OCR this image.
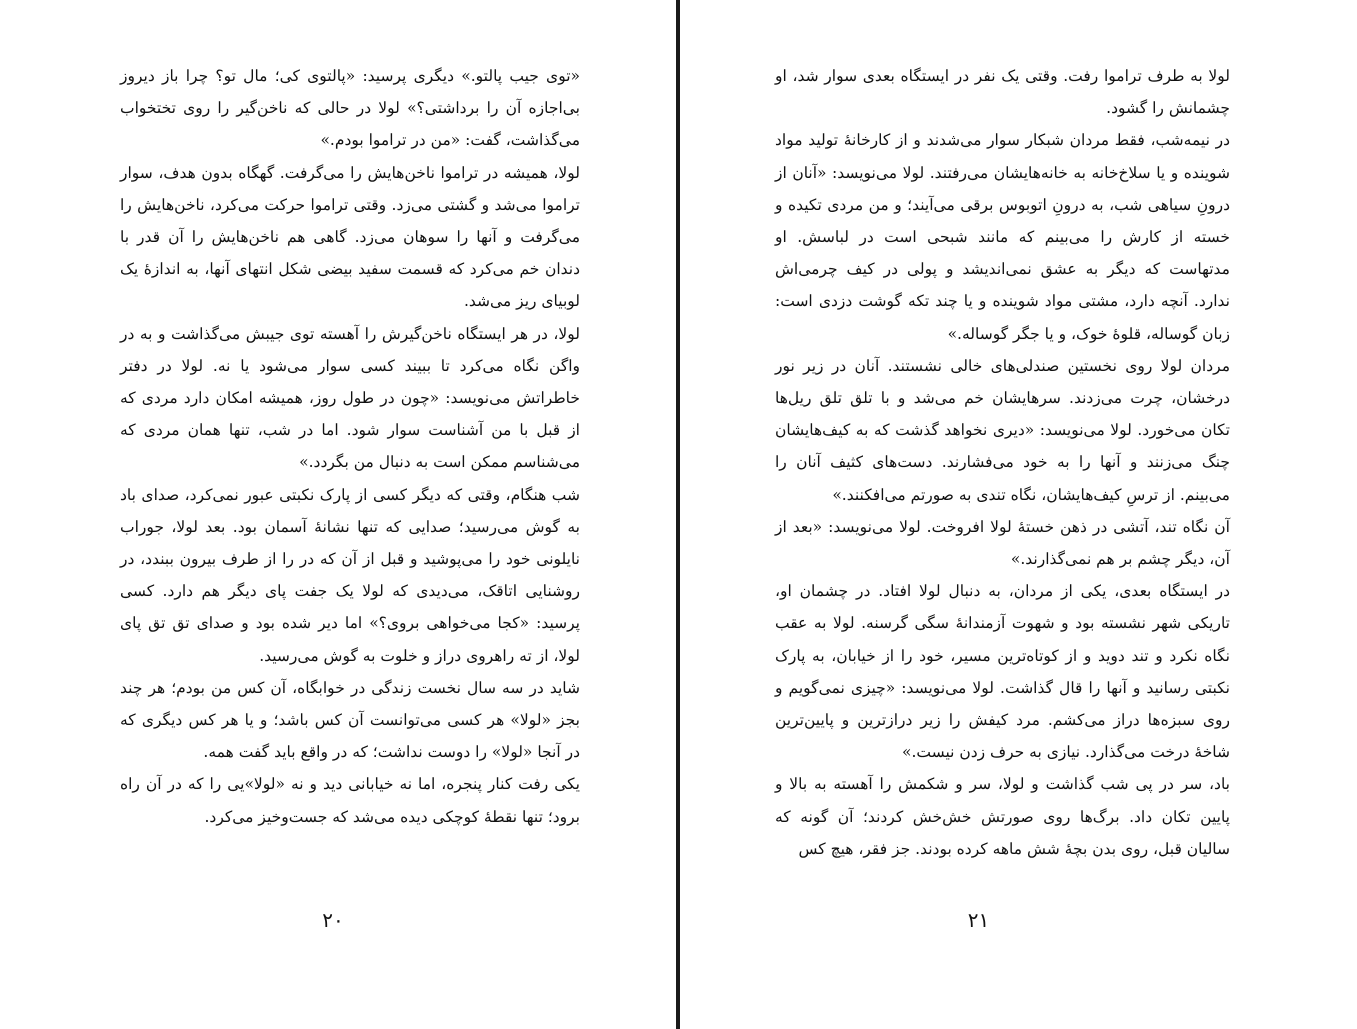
«توی جیب پالتو.» دیگری پرسید: «پالتوی کی؛ مال تو؟ چرا باز دیروز بی‌اجازه آن را برداشتی؟» لولا در حالی که ناخن‌گیر را روی تختخواب می‌گذاشت، گفت: «من در تراموا بودم.»

لولا، همیشه در تراموا ناخن‌هایش را می‌گرفت. گهگاه بدون هدف، سوار تراموا می‌شد و گشتی می‌زد. وقتی تراموا حرکت می‌کرد، ناخن‌هایش را می‌گرفت و آنها را سوهان می‌زد. گاهی هم ناخن‌هایش را آن قدر با دندان خم می‌کرد که قسمت سفید بیضی شکل انتهای آنها، به اندازهٔ یک لوبیای ریز می‌شد.

لولا، در هر ایستگاه ناخن‌گیرش را آهسته توی جیبش می‌گذاشت و به در واگن نگاه می‌کرد تا ببیند کسی سوار می‌شود یا نه. لولا در دفتر خاطراتش می‌نویسد: «چون در طول روز، همیشه امکان دارد مردی که از قبل با من آشناست سوار شود. اما در شب، تنها همان مردی که می‌شناسم ممکن است به دنبال من بگردد.»

شب هنگام، وقتی که دیگر کسی از پارک نکبتی عبور نمی‌کرد، صدای باد به گوش می‌رسید؛ صدایی که تنها نشانهٔ آسمان بود. بعد لولا، جوراب نایلونی خود را می‌پوشید و قبل از آن که در را از طرف بیرون ببندد، در روشنایی اتاقک، می‌دیدی که لولا یک جفت پای دیگر هم دارد. کسی پرسید: «کجا می‌خواهی بروی؟» اما دیر شده بود و صدای تق تق پای لولا، از ته راهروی دراز و خلوت به گوش می‌رسید.

شاید در سه سال نخست زندگی در خوابگاه، آن کس من بودم؛ هر چند بجز «لولا» هر کسی می‌توانست آن کس باشد؛ و یا هر کس دیگری که در آنجا «لولا» را دوست نداشت؛ که در واقع باید گفت همه.

یکی رفت کنار پنجره، اما نه خیابانی دید و نه «لولا»یی را که در آن راه برود؛ تنها نقطهٔ کوچکی دیده می‌شد که جست‌وخیز می‌کرد.

۲۰

لولا به طرف تراموا رفت. وقتی یک نفر در ایستگاه بعدی سوار شد، او چشمانش را گشود.

در نیمه‌شب، فقط مردان شبکار سوار می‌شدند و از کارخانهٔ تولید مواد شوینده و یا سلاخ‌خانه به خانه‌هایشان می‌رفتند. لولا می‌نویسد: «آنان از درونِ سیاهی شب، به درونِ اتوبوس برقی می‌آیند؛ و من مردی تکیده و خسته از کارش را می‌بینم که مانند شبحی است در لباسش. او مدتهاست که دیگر به عشق نمی‌اندیشد و پولی در کیف چرمی‌اش ندارد. آنچه دارد، مشتی مواد شوینده و یا چند تکه گوشت دزدی است: زبان گوساله، قلوهٔ خوک، و یا جگر گوساله.»

مردان لولا روی نخستین صندلی‌های خالی نشستند. آنان در زیر نور درخشان، چرت می‌زدند. سرهایشان خم می‌شد و با تلق تلق ریل‌ها تکان می‌خورد. لولا می‌نویسد: «دیری نخواهد گذشت که به کیف‌هایشان چنگ می‌زنند و آنها را به خود می‌فشارند. دست‌های کثیف آنان را می‌بینم. از ترسِ کیف‌هایشان، نگاه تندی به صورتم می‌افکنند.»

آن نگاه تند، آتشی در ذهن خستهٔ لولا افروخت. لولا می‌نویسد: «بعد از آن، دیگر چشم بر هم نمی‌گذارند.»

در ایستگاه بعدی، یکی از مردان، به دنبال لولا افتاد. در چشمان او، تاریکی شهر نشسته بود و شهوت آزمندانهٔ سگی گرسنه. لولا به عقب نگاه نکرد و تند دوید و از کوتاه‌ترین مسیر، خود را از خیابان، به پارک نکبتی رسانید و آنها را قال گذاشت. لولا می‌نویسد: «چیزی نمی‌گویم و روی سبزه‌ها دراز می‌کشم. مرد کیفش را زیر درازترین و پایین‌ترین شاخهٔ درخت می‌گذارد. نیازی به حرف زدن نیست.»

باد، سر در پی شب گذاشت و لولا، سر و شکمش را آهسته به بالا و پایین تکان داد. برگ‌ها روی صورتش خش‌خش کردند؛ آن گونه که سالیان قبل، روی بدن بچهٔ شش ماهه کرده بودند. جز فقر، هیچ کس

۲۱
